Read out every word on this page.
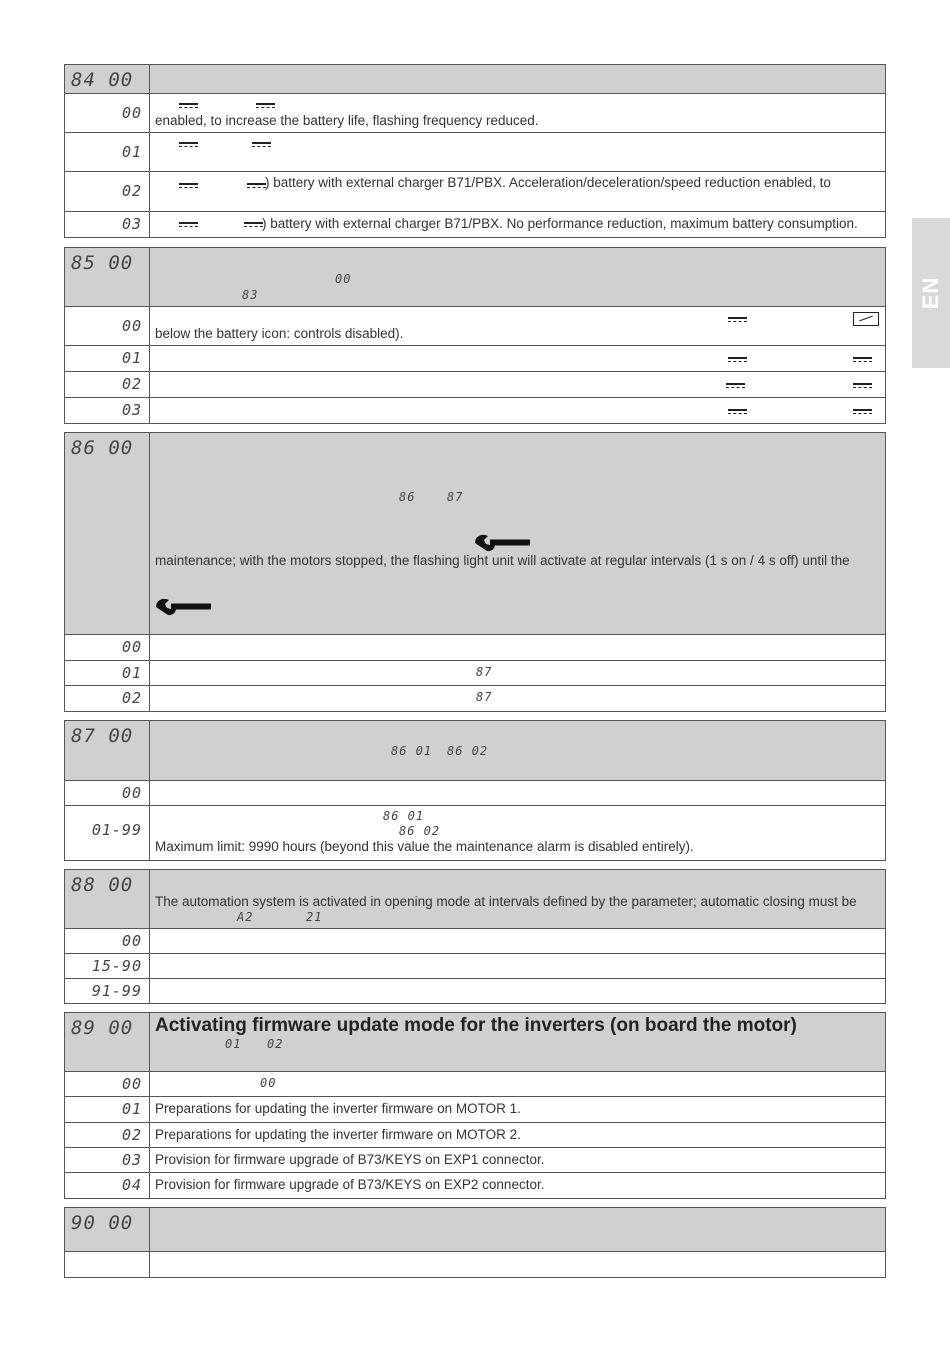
EN
84 00	

00	enabled, to increase the battery life, flashing frequency reduced.

01	

02	) battery with external charger B71/PBX. Acceleration/deceleration/speed reduction enabled, to

03	) battery with external charger B71/PBX. No performance reduction, maximum battery consumption.
85 00	00
83

00	below the battery icon: controls disabled).

01	

02	

03	

86 00	86 87
maintenance; with the motors stopped, the flashing light unit will activate at regular intervals (1 s on / 4 s off) until the

00	

01	87

02	87
87 00	86 01 86 02

00	

01-99	86 01
86 02
Maximum limit: 9990 hours (beyond this value the maintenance alarm is disabled entirely).
88 00	The automation system is activated in opening mode at intervals defined by the parameter; automatic closing must be
A2 21

00	

15-90	

91-99	

89 00	Activating firmware update mode for the inverters (on board the motor)
01 02

00	00

01	Preparations for updating the inverter firmware on MOTOR 1.

02	Preparations for updating the inverter firmware on MOTOR 2.

03	Provision for firmware upgrade of B73/KEYS on EXP1 connector.

04	Provision for firmware upgrade of B73/KEYS on EXP2 connector.
90 00	
